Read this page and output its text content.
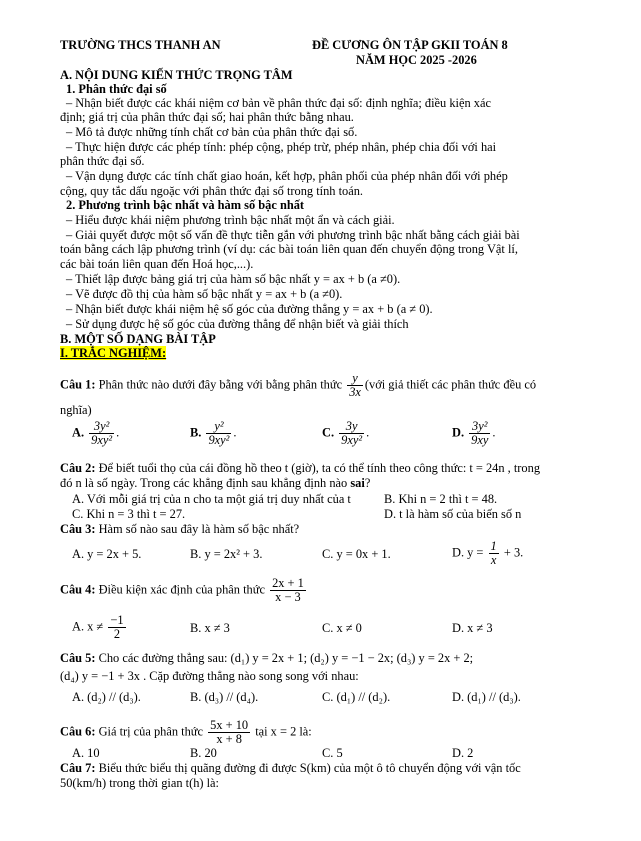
TRƯỜNG THCS THANH AN	ĐỀ CƯƠNG ÔN TẬP GKII TOÁN 8
NĂM HỌC 2025 -2026
A. NỘI DUNG KIẾN THỨC TRỌNG TÂM
1. Phân thức đại số
– Nhận biết được các khái niệm cơ bản về phân thức đại số: định nghĩa; điều kiện xác
định; giá trị của phân thức đại số; hai phân thức bằng nhau.
– Mô tả được những tính chất cơ bản của phân thức đại số.
– Thực hiện được các phép tính: phép cộng, phép trừ, phép nhân, phép chia đối với hai
phân thức đại số.
– Vận dụng được các tính chất giao hoán, kết hợp, phân phối của phép nhân đối với phép
cộng, quy tắc dấu ngoặc với phân thức đại số trong tính toán.
2. Phương trình bậc nhất và hàm số bậc nhất
– Hiểu được khái niệm phương trình bậc nhất một ẩn và cách giải.
– Giải quyết được một số vấn đề thực tiễn gắn với phương trình bậc nhất bằng cách giải bài
toán bằng cách lập phương trình (ví dụ: các bài toán liên quan đến chuyển động trong Vật lí,
các bài toán liên quan đến Hoá học,...).
– Thiết lập được bảng giá trị của hàm số bậc nhất y = ax + b (a ≠0).
– Vẽ được đồ thị của hàm số bậc nhất y = ax + b (a ≠0).
– Nhận biết được khái niệm hệ số góc của đường thẳng y = ax + b (a ≠ 0).
– Sử dụng được hệ số góc của đường thẳng để nhận biết và giải thích
B. MỘT SỐ DẠNG BÀI TẬP
I. TRẮC NGHIỆM:
Câu 1: Phân thức nào dưới đây bằng với bằng phân thức $\frac{y}{3x}$ (với giả thiết các phân thức đều có
nghĩa)
A. $\frac{\text{3y²}}{\text{9xy²}}$ .	B. $\frac{\text{y²}}{\text{9xy²}}$ .	C. $\frac{3y}{\text{9xy²}}$ .	D. $\frac{\text{3y²}}{9xy}$ .
Câu 2: Để biết tuổi thọ của cái đồng hồ theo t (giờ), ta có thể tính theo công thức: t = 24n , trong
đó n là số ngày. Trong các khẳng định sau khẳng định nào sai?
A. Với mỗi giá trị của n cho ta một giá trị duy nhất của t	B. Khi n = 2 thì t = 48.
C. Khi n = 3 thì t = 27.	D. t là hàm số của biến số n
Câu 3: Hàm số nào sau đây là hàm số bậc nhất?
A. y = 2x + 5.	B. y = 2x² + 3.	C. y = 0x + 1.	D. $y = \frac{1}{x} + 3$.
Câu 4: Điều kiện xác định của phân thức $\frac{2x + 1}{x - 3}$
A. $x \ne \frac{-1}{2}$	B. x ≠ 3	C. x ≠ 0	D. x ≠ 3
Câu 5: Cho các đường thẳng sau: (d₁) y = 2x + 1; (d₂) y = −1 − 2x; (d₃) y = 2x + 2;
(d₄) y = −1 + 3x . Cặp đường thẳng nào song song với nhau:
A. (d₂) // (d₃).	B. (d₃) // (d₄).	C. (d₁) // (d₂).	D. (d₁) // (d₃).
Câu 6: Giá trị của phân thức $\frac{5x + 10}{x + 8}$ tại x = 2 là:
A. 10	B. 20	C. 5	D. 2
Câu 7: Biểu thức biểu thị quãng đường đi được S(km) của một ô tô chuyển động với vận tốc
50(km/h) trong thời gian t(h) là:
